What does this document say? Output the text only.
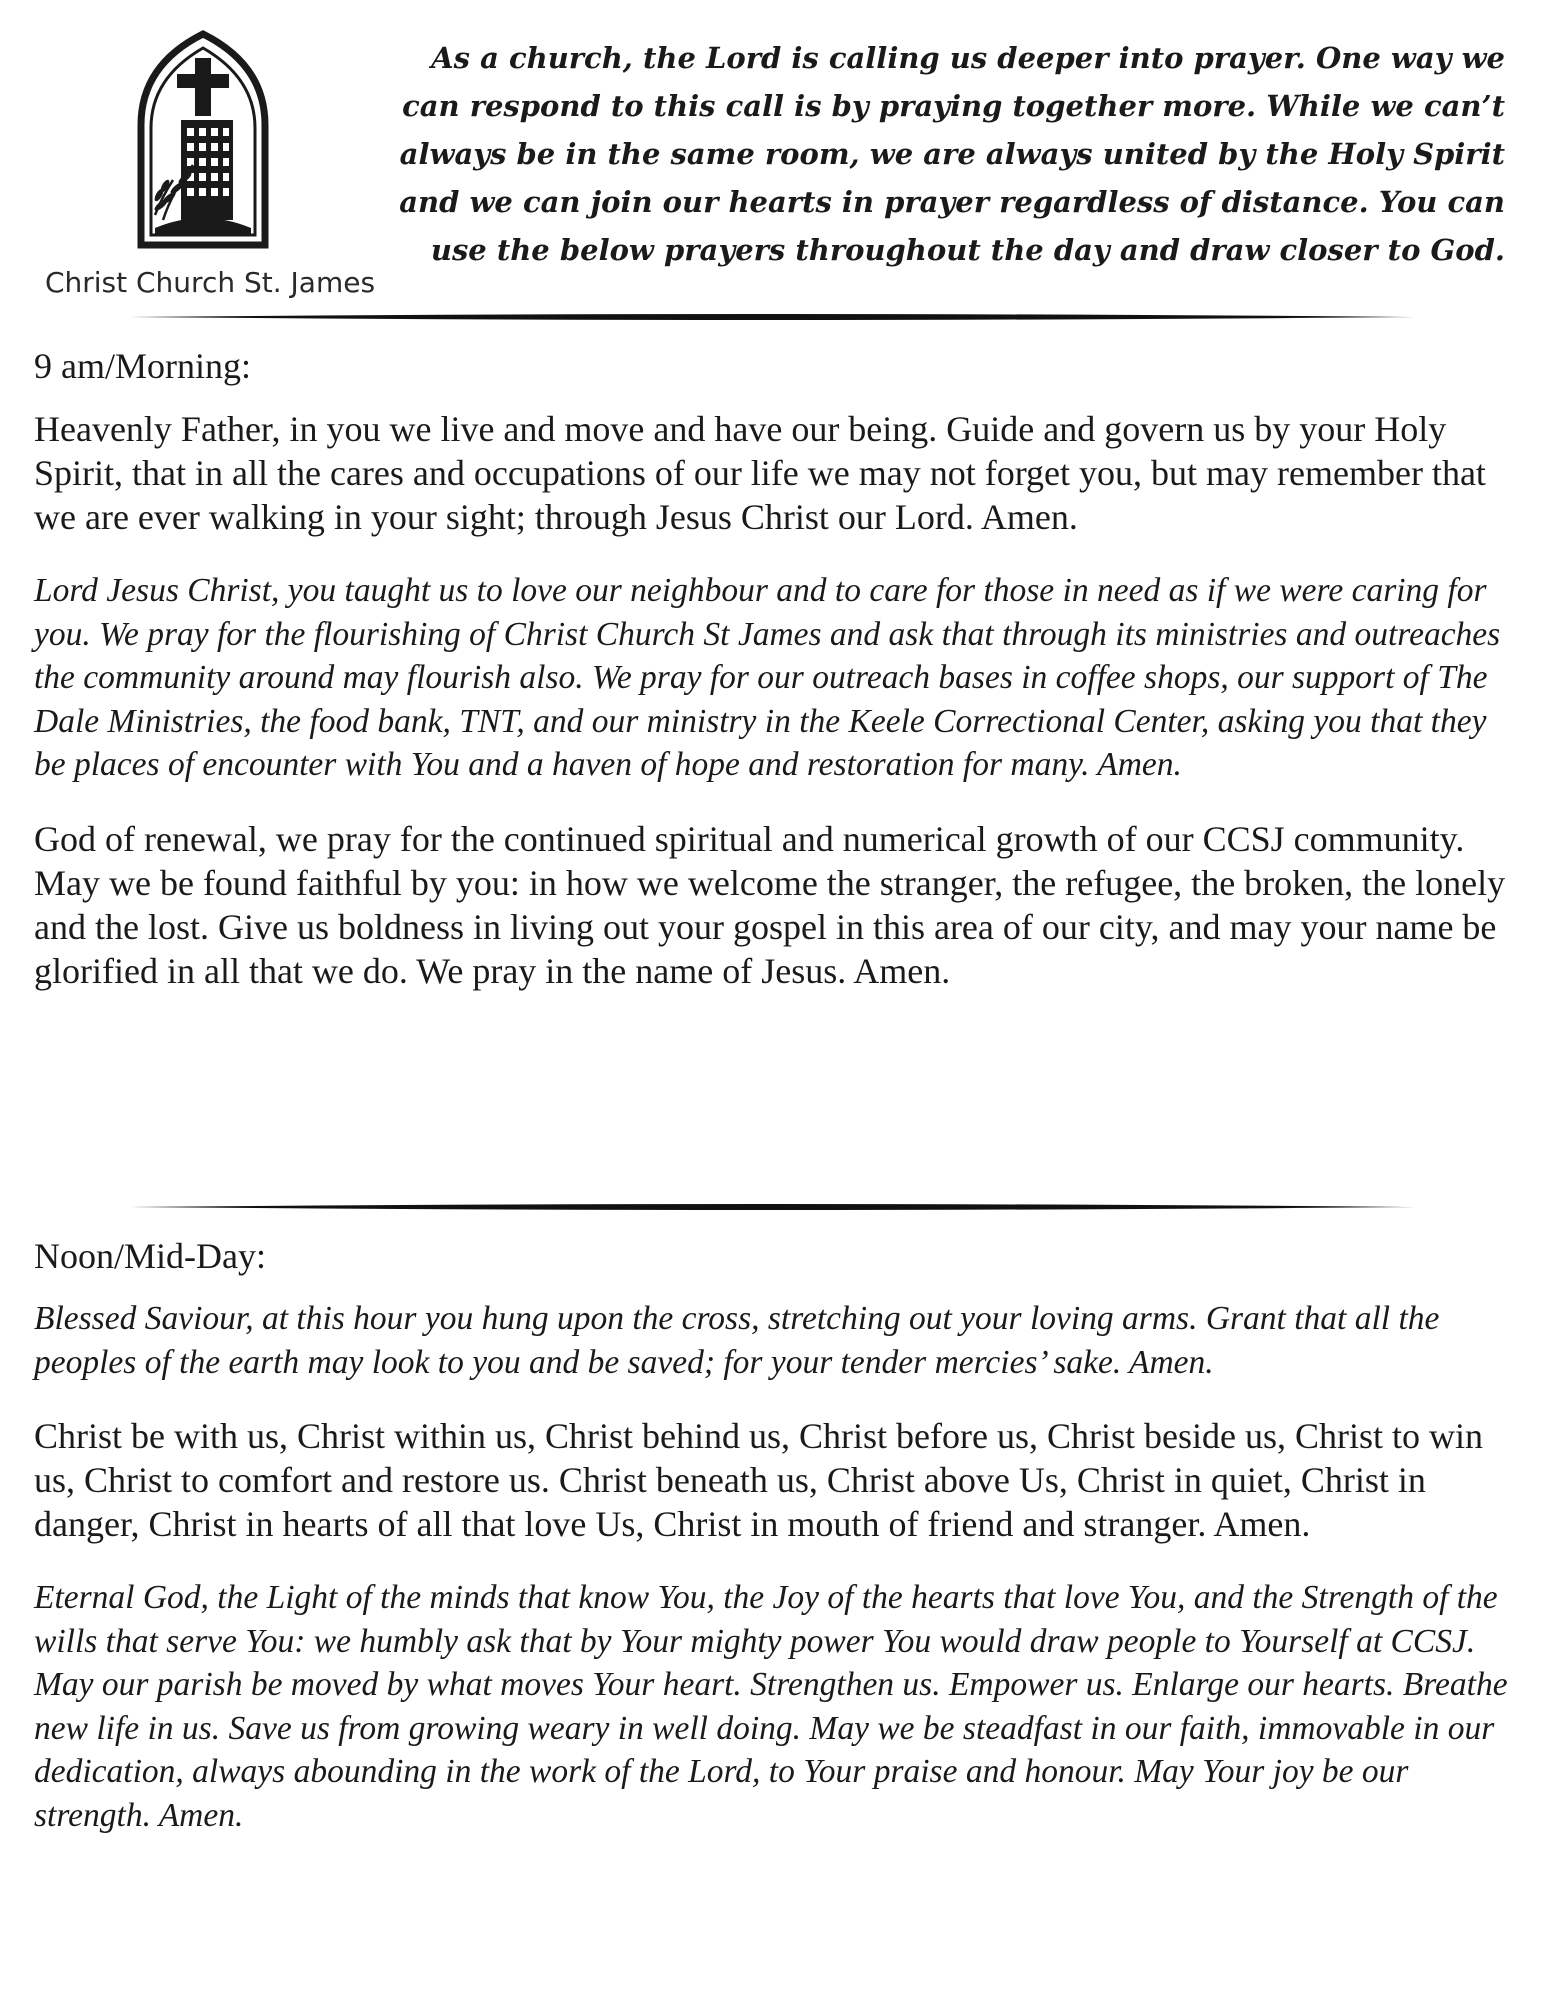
Christ Church St. James
As a church, the Lord is calling us deeper into prayer. One way we can respond to this call is by praying together more. While we can’t always be in the same room, we are always united by the Holy Spirit and we can join our hearts in prayer regardless of distance. You can use the below prayers throughout the day and draw closer to God.
9 am/Morning:

Heavenly Father, in you we live and move and have our being. Guide and govern us by your Holy Spirit, that in all the cares and occupations of our life we may not forget you, but may remember that we are ever walking in your sight; through Jesus Christ our Lord. Amen.

Lord Jesus Christ, you taught us to love our neighbour and to care for those in need as if we were caring for you. We pray for the flourishing of Christ Church St James and ask that through its ministries and outreaches the community around may flourish also. We pray for our outreach bases in coffee shops, our support of The Dale Ministries, the food bank, TNT, and our ministry in the Keele Correctional Center, asking you that they be places of encounter with You and a haven of hope and restoration for many. Amen.

God of renewal, we pray for the continued spiritual and numerical growth of our CCSJ community. May we be found faithful by you: in how we welcome the stranger, the refugee, the broken, the lonely and the lost. Give us boldness in living out your gospel in this area of our city, and may your name be glorified in all that we do. We pray in the name of Jesus. Amen.

Noon/Mid-Day:

Blessed Saviour, at this hour you hung upon the cross, stretching out your loving arms. Grant that all the peoples of the earth may look to you and be saved; for your tender mercies’ sake. Amen.

Christ be with us, Christ within us, Christ behind us, Christ before us, Christ beside us, Christ to win us, Christ to comfort and restore us. Christ beneath us, Christ above Us, Christ in quiet, Christ in danger, Christ in hearts of all that love Us, Christ in mouth of friend and stranger. Amen.

Eternal God, the Light of the minds that know You, the Joy of the hearts that love You, and the Strength of the wills that serve You: we humbly ask that by Your mighty power You would draw people to Yourself at CCSJ. May our parish be moved by what moves Your heart. Strengthen us. Empower us. Enlarge our hearts. Breathe new life in us. Save us from growing weary in well doing. May we be steadfast in our faith, immovable in our dedication, always abounding in the work of the Lord, to Your praise and honour. May Your joy be our strength. Amen.
